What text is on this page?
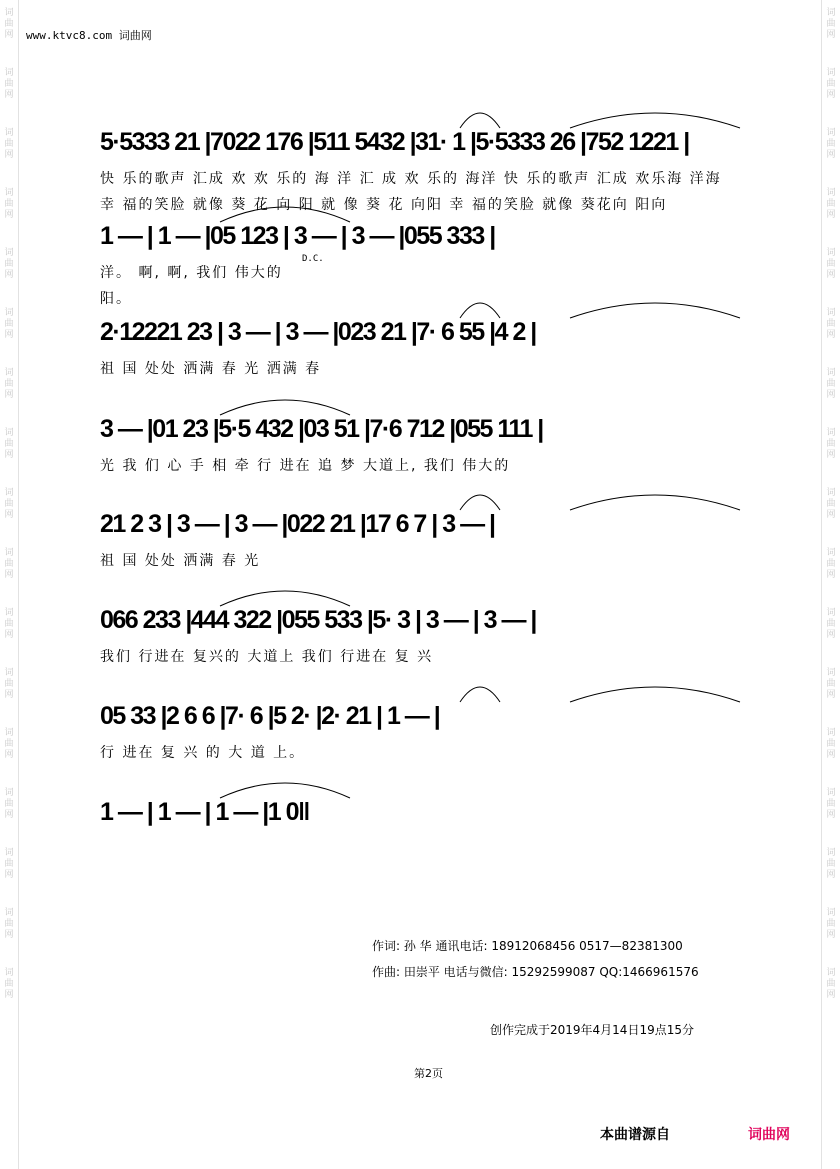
词
曲
网
词
曲
网
词
曲
网
词
曲
网
词
曲
网
词
曲
网
词
曲
网
词
曲
网
词
曲
网
词
曲
网
词
曲
网
词
曲
网
词
曲
网
词
曲
网
词
曲
网
词
曲
网
词
曲
网
词
曲
网
词
曲
网
词
曲
网
词
曲
网
词
曲
网
词
曲
网
词
曲
网
词
曲
网
词
曲
网
词
曲
网
词
曲
网
词
曲
网
词
曲
网
词
曲
网
词
曲
网
词
曲
网
词
曲
网
www.ktvc8.com 词曲网
5·5333 21 |7022 176 |511 5432 |31· 1 |5·5333 26 |752 1221 |
快 乐的歌声 汇成 欢 欢 乐的 海 洋 汇 成 欢 乐的 海洋 快 乐的歌声 汇成 欢乐海 洋海
幸 福的笑脸 就像 葵 花 向 阳 就 像 葵 花 向阳 幸 福的笑脸 就像 葵花向 阳向
1 — | 1 — |05 123 | 3 — | 3 — |055 333 |
洋。 啊, 啊, 我们 伟大的
阳。
2·12221 23 | 3 — | 3 — |023 21 |7· 6 55 |4 2 |
祖 国 处处 洒满 春 光 洒满 春
3 — |01 23 |5·5 432 |03 51 |7·6 712 |055 111 |
光 我 们 心 手 相 牵 行 进在 追 梦 大道上, 我们 伟大的
21 2 3 | 3 — | 3 — |022 21 |17 6 7 | 3 — |
祖 国 处处 洒满 春 光
066 233 |444 322 |055 533 |5· 3 | 3 — | 3 — |
我们 行进在 复兴的 大道上 我们 行进在 复 兴
05 33 |2 6 6 |7· 6 |5 2· |2· 21 | 1 — |
行 进在 复 兴 的 大 道 上。
1 — | 1 — | 1 — |1 0‖
D.C.
作词: 孙 华 通讯电话: 18912068456 0517—82381300
作曲: 田崇平 电话与微信: 15292599087 QQ:1466961576
创作完成于2019年4月14日19点15分
第2页
本曲谱源自	词曲网
